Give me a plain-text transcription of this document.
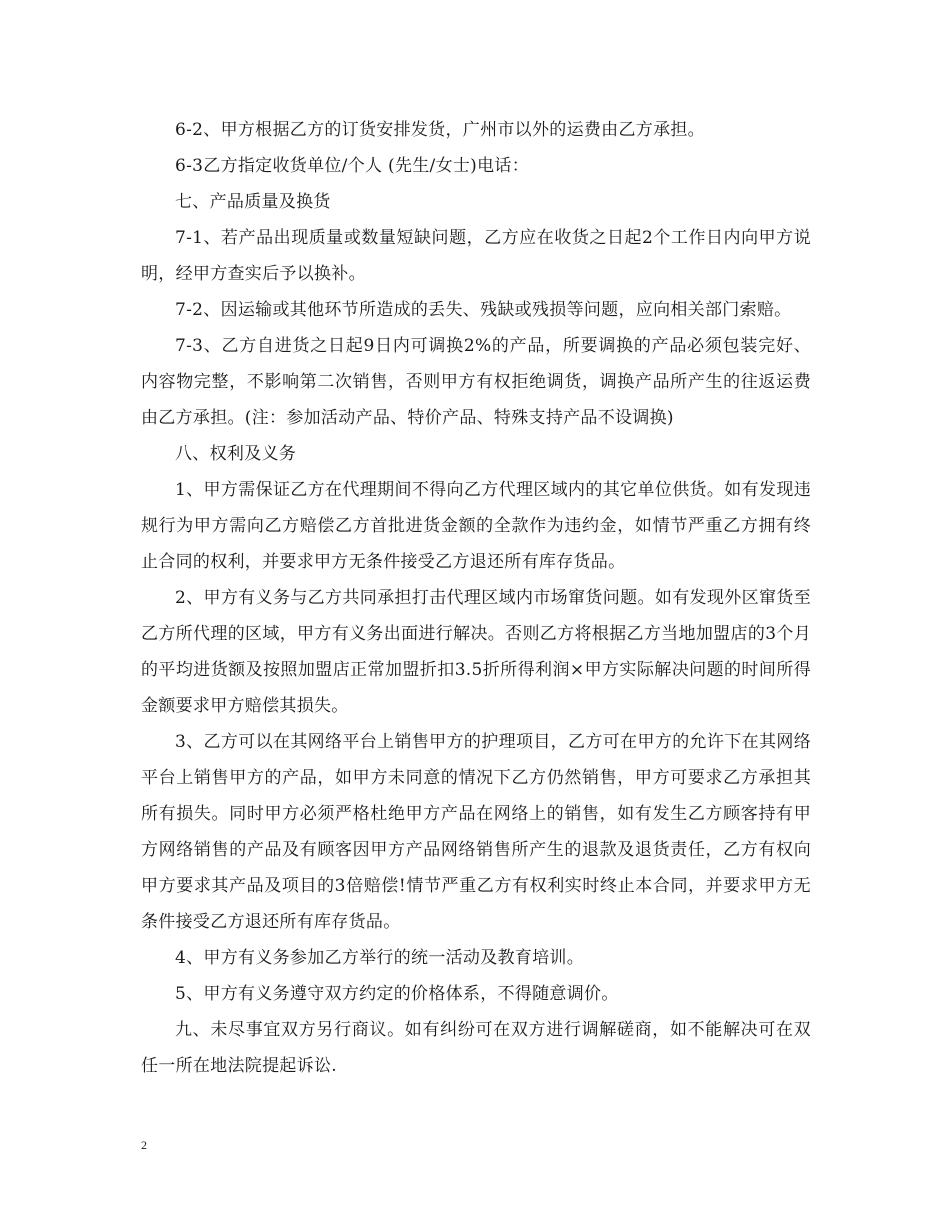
6-2、甲方根据乙方的订货安排发货，广州市以外的运费由乙方承担。

6-3乙方指定收货单位/个人 (先生/女士)电话：

七、产品质量及换货

7-1、若产品出现质量或数量短缺问题，乙方应在收货之日起2个工作日内向甲方说明，经甲方查实后予以换补。

7-2、因运输或其他环节所造成的丢失、残缺或残损等问题，应向相关部门索赔。

7-3、乙方自进货之日起9日内可调换2%的产品，所要调换的产品必须包装完好、内容物完整，不影响第二次销售，否则甲方有权拒绝调货，调换产品所产生的往返运费由乙方承担。(注：参加活动产品、特价产品、特殊支持产品不设调换)

八、权利及义务

1、甲方需保证乙方在代理期间不得向乙方代理区域内的其它单位供货。如有发现违规行为甲方需向乙方赔偿乙方首批进货金额的全款作为违约金，如情节严重乙方拥有终止合同的权利，并要求甲方无条件接受乙方退还所有库存货品。

2、甲方有义务与乙方共同承担打击代理区域内市场窜货问题。如有发现外区窜货至乙方所代理的区域，甲方有义务出面进行解决。否则乙方将根据乙方当地加盟店的3个月的平均进货额及按照加盟店正常加盟折扣3.5折所得利润×甲方实际解决问题的时间所得金额要求甲方赔偿其损失。

3、乙方可以在其网络平台上销售甲方的护理项目，乙方可在甲方的允许下在其网络平台上销售甲方的产品，如甲方未同意的情况下乙方仍然销售，甲方可要求乙方承担其所有损失。同时甲方必须严格杜绝甲方产品在网络上的销售，如有发生乙方顾客持有甲方网络销售的产品及有顾客因甲方产品网络销售所产生的退款及退货责任，乙方有权向甲方要求其产品及项目的3倍赔偿!情节严重乙方有权利实时终止本合同，并要求甲方无条件接受乙方退还所有库存货品。

4、甲方有义务参加乙方举行的统一活动及教育培训。

5、甲方有义务遵守双方约定的价格体系，不得随意调价。

九、未尽事宜双方另行商议。如有纠纷可在双方进行调解磋商，如不能解决可在双任一所在地法院提起诉讼.

2
